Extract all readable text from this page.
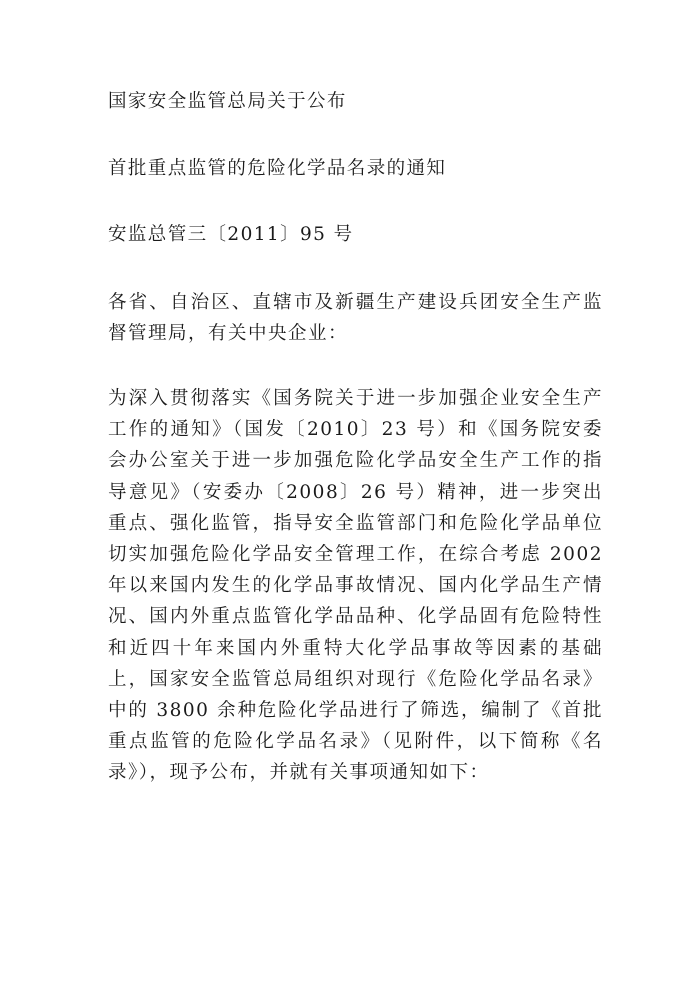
国家安全监管总局关于公布

首批重点监管的危险化学品名录的通知

安监总管三〔2011〕95 号

各省、自治区、直辖市及新疆生产建设兵团安全生产监督管理局，有关中央企业：

为深入贯彻落实《国务院关于进一步加强企业安全生产工作的通知》（国发〔2010〕23 号）和《国务院安委会办公室关于进一步加强危险化学品安全生产工作的指导意见》（安委办〔2008〕26 号）精神，进一步突出重点、强化监管，指导安全监管部门和危险化学品单位切实加强危险化学品安全管理工作，在综合考虑 2002 年以来国内发生的化学品事故情况、国内化学品生产情况、国内外重点监管化学品品种、化学品固有危险特性和近四十年来国内外重特大化学品事故等因素的基础上，国家安全监管总局组织对现行《危险化学品名录》中的 3800 余种危险化学品进行了筛选，编制了《首批重点监管的危险化学品名录》（见附件，以下简称《名录》），现予公布，并就有关事项通知如下：
